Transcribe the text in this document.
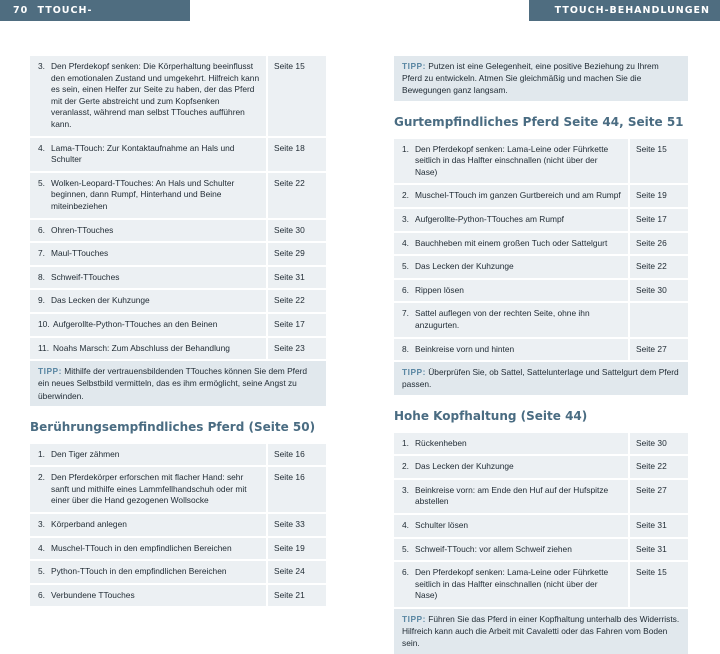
70 TTOUCH-BEHANDLUNGEN
TTOUCH-BEHANDLUNGEN 71
3. Den Pferdekopf senken: Die Körperhaltung beeinflusst den emotionalen Zustand und umgekehrt. Hilfreich kann es sein, einen Helfer zur Seite zu haben, der das Pferd mit der Gerte abstreicht und zum Kopfsenken veranlasst, während man selbst TTouches aufführen kann.
Seite 15
4. Lama-TTouch: Zur Kontaktaufnahme an Hals und Schulter
Seite 18
5. Wolken-Leopard-TTouches: An Hals und Schulter beginnen, dann Rumpf, Hinterhand und Beine miteinbeziehen
Seite 22
6. Ohren-TTouches	Seite 30
7. Maul-TTouches	Seite 29
8. Schweif-TTouches	Seite 31
9. Das Lecken der Kuhzunge	Seite 22
10. Aufgerollte-Python-TTouches an den Beinen	Seite 17
11. Noahs Marsch: Zum Abschluss der Behandlung	Seite 23
TIPP: Mithilfe der vertrauensbildenden TTouches können Sie dem Pferd ein neues Selbstbild vermitteln, das es ihm ermöglicht, seine Angst zu überwinden.
Berührungsempfindliches Pferd (Seite 50)
1. Den Tiger zähmen	Seite 16
2. Den Pferdekörper erforschen mit flacher Hand: sehr sanft und mithilfe eines Lammfellhandschuh oder mit einer über die Hand gezogenen Wollsocke
Seite 16
3. Körperband anlegen	Seite 33
4. Muschel-TTouch in den empfindlichen Bereichen	Seite 19
5. Python-TTouch in den empfindlichen Bereichen	Seite 24
6. Verbundene TTouches	Seite 21
TIPP: Putzen ist eine Gelegenheit, eine positive Beziehung zu Ihrem Pferd zu entwickeln. Atmen Sie gleichmäßig und machen Sie die Bewegungen ganz langsam.
Gurtempfindliches Pferd Seite 44, Seite 51
1. Den Pferdekopf senken: Lama-Leine oder Führkette seitlich in das Halfter einschnallen (nicht über der Nase)
Seite 15
2. Muschel-TTouch im ganzen Gurtbereich und am Rumpf	Seite 19
3. Aufgerollte-Python-TTouches am Rumpf	Seite 17
4. Bauchheben mit einem großen Tuch oder Sattelgurt	Seite 26
5. Das Lecken der Kuhzunge	Seite 22
6. Rippen lösen	Seite 30
7. Sattel auflegen von der rechten Seite, ohne ihn anzugurten.
8. Beinkreise vorn und hinten	Seite 27
TIPP: Überprüfen Sie, ob Sattel, Sattelunterlage und Sattelgurt dem Pferd passen.
Hohe Kopfhaltung (Seite 44)
1. Rückenheben	Seite 30
2. Das Lecken der Kuhzunge	Seite 22
3. Beinkreise vorn: am Ende den Huf auf der Hufspitze abstellen
Seite 27
4. Schulter lösen	Seite 31
5. Schweif-TTouch: vor allem Schweif ziehen	Seite 31
6. Den Pferdekopf senken: Lama-Leine oder Führkette seitlich in das Halfter einschnallen (nicht über der Nase)
Seite 15
TIPP: Führen Sie das Pferd in einer Kopfhaltung unterhalb des Widerrists. Hilfreich kann auch die Arbeit mit Cavaletti oder das Fahren vom Boden sein.
